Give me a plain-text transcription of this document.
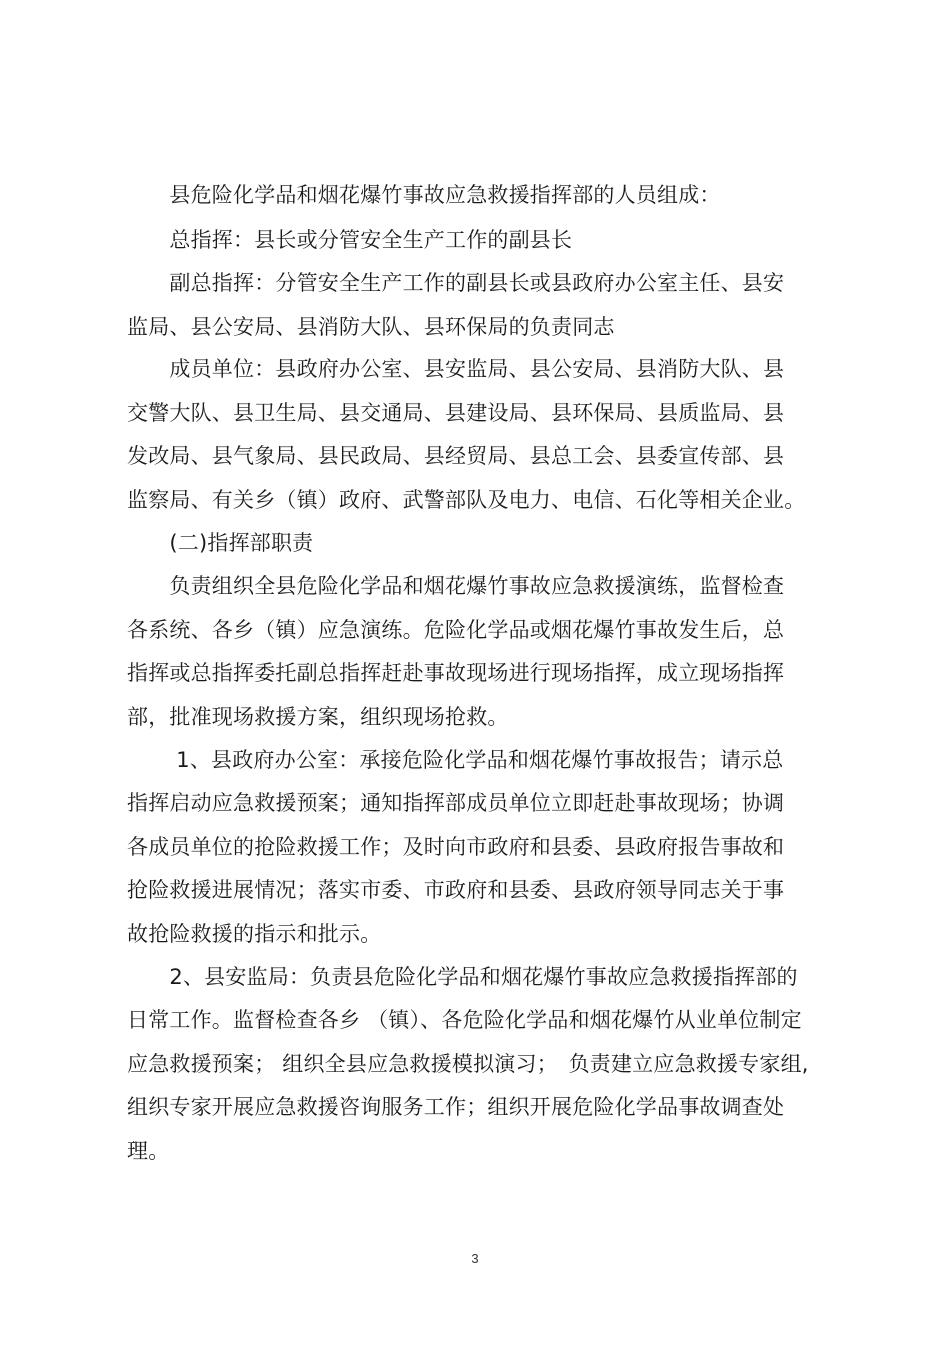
　　县危险化学品和烟花爆竹事故应急救援指挥部的人员组成：
　　总指挥：县长或分管安全生产工作的副县长
　　副总指挥：分管安全生产工作的副县长或县政府办公室主任、县安
监局、县公安局、县消防大队、县环保局的负责同志
　　成员单位：县政府办公室、县安监局、县公安局、县消防大队、县
交警大队、县卫生局、县交通局、县建设局、县环保局、县质监局、县
发改局、县气象局、县民政局、县经贸局、县总工会、县委宣传部、县
监察局、有关乡（镇）政府、武警部队及电力、电信、石化等相关企业。
　　(二)指挥部职责
　　负责组织全县危险化学品和烟花爆竹事故应急救援演练，监督检查
各系统、各乡（镇）应急演练。危险化学品或烟花爆竹事故发生后，总
指挥或总指挥委托副总指挥赶赴事故现场进行现场指挥，成立现场指挥
部，批准现场救援方案，组织现场抢救。
　　 1、县政府办公室：承接危险化学品和烟花爆竹事故报告；请示总
指挥启动应急救援预案；通知指挥部成员单位立即赶赴事故现场；协调
各成员单位的抢险救援工作；及时向市政府和县委、县政府报告事故和
抢险救援进展情况；落实市委、市政府和县委、县政府领导同志关于事
故抢险救援的指示和批示。
　　2、县安监局：负责县危险化学品和烟花爆竹事故应急救援指挥部的
日常工作。监督检查各乡 （镇）、各危险化学品和烟花爆竹从业单位制定
应急救援预案； 组织全县应急救援模拟演习；　负责建立应急救援专家组,
组织专家开展应急救援咨询服务工作；组织开展危险化学品事故调查处
理。
3
